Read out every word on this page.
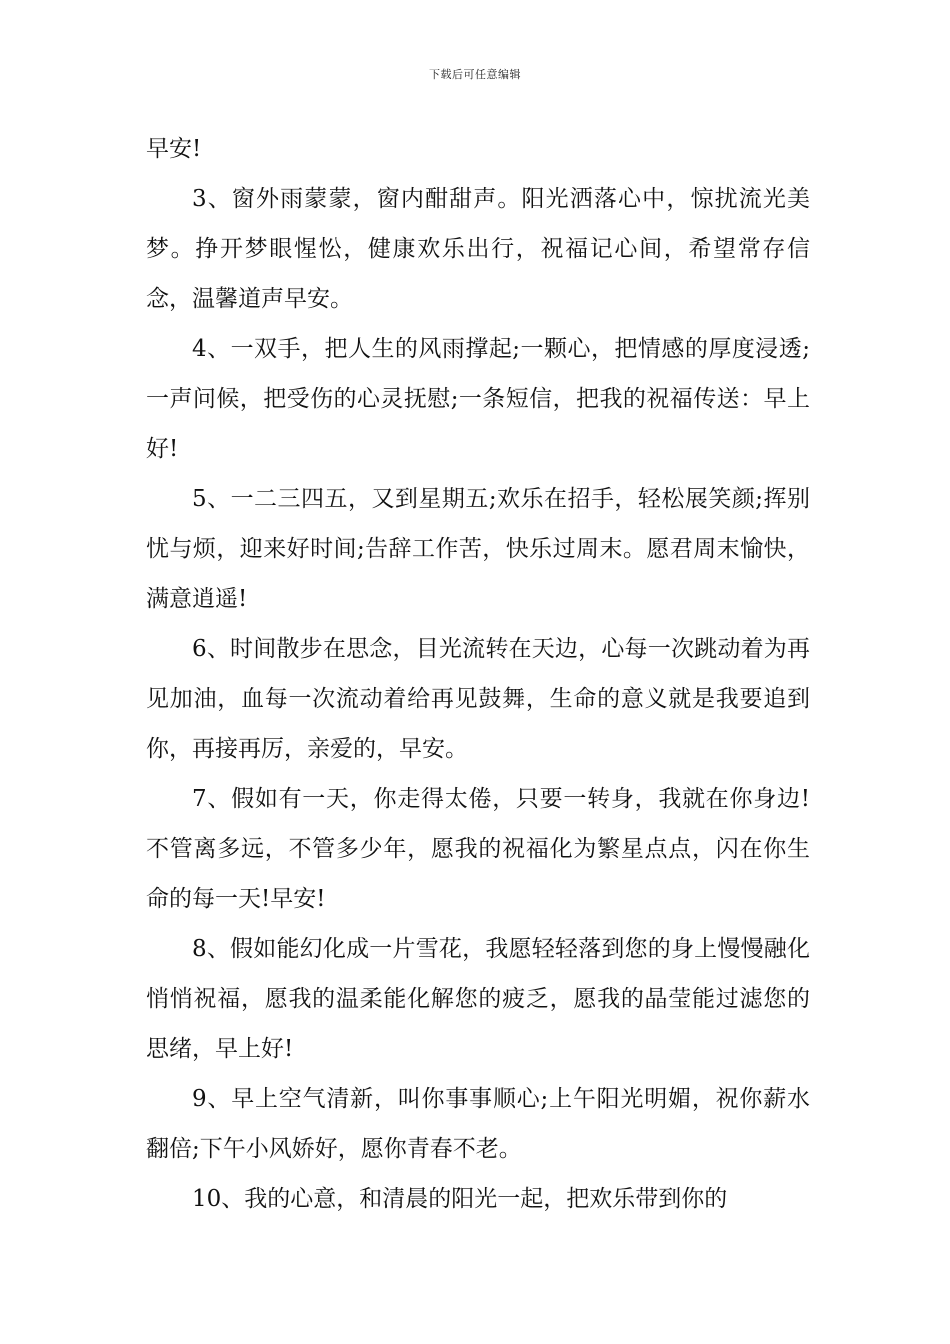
下载后可任意编辑

早安!

3、窗外雨蒙蒙，窗内酣甜声。阳光洒落心中，惊扰流光美梦。挣开梦眼惺忪，健康欢乐出行，祝福记心间，希望常存信念，温馨道声早安。

4、一双手，把人生的风雨撑起;一颗心，把情感的厚度浸透;一声问候，把受伤的心灵抚慰;一条短信，把我的祝福传送：早上好!

5、一二三四五，又到星期五;欢乐在招手，轻松展笑颜;挥别忧与烦，迎来好时间;告辞工作苦，快乐过周末。愿君周末愉快，满意逍遥!

6、时间散步在思念，目光流转在天边，心每一次跳动着为再见加油，血每一次流动着给再见鼓舞，生命的意义就是我要追到你，再接再厉，亲爱的，早安。

7、假如有一天，你走得太倦，只要一转身，我就在你身边!不管离多远，不管多少年，愿我的祝福化为繁星点点，闪在你生命的每一天!早安!

8、假如能幻化成一片雪花，我愿轻轻落到您的身上慢慢融化悄悄祝福，愿我的温柔能化解您的疲乏，愿我的晶莹能过滤您的思绪，早上好!

9、早上空气清新，叫你事事顺心;上午阳光明媚，祝你薪水翻倍;下午小风娇好，愿你青春不老。

10、我的心意，和清晨的阳光一起，把欢乐带到你的
